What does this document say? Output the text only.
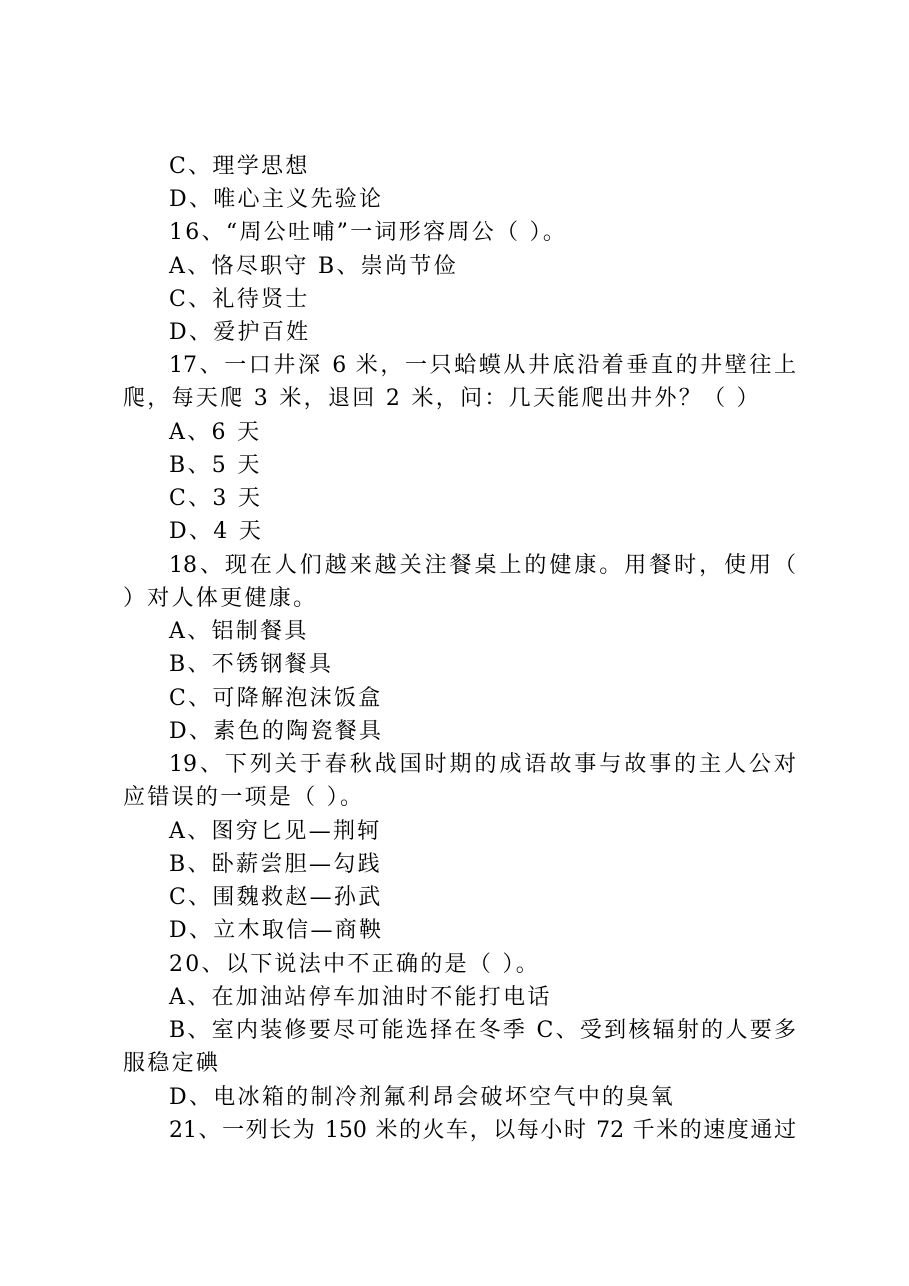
C、理学思想
D、唯心主义先验论
16、“周公吐哺”一词形容周公（ ）。
A、恪尽职守 B、崇尚节俭
C、礼待贤士
D、爱护百姓
17、一口井深 6 米，一只蛤蟆从井底沿着垂直的井壁往上
爬，每天爬 3 米，退回 2 米，问：几天能爬出井外？（ ）
A、6 天
B、5 天
C、3 天
D、4 天
18、现在人们越来越关注餐桌上的健康。用餐时，使用（
）对人体更健康。
A、铝制餐具
B、不锈钢餐具
C、可降解泡沫饭盒
D、素色的陶瓷餐具
19、下列关于春秋战国时期的成语故事与故事的主人公对
应错误的一项是（ ）。
A、图穷匕见—荆轲
B、卧薪尝胆—勾践
C、围魏救赵—孙武
D、立木取信—商鞅
20、以下说法中不正确的是（ ）。
A、在加油站停车加油时不能打电话
B、室内装修要尽可能选择在冬季 C、受到核辐射的人要多
服稳定碘
D、电冰箱的制冷剂氟利昂会破坏空气中的臭氧
21、一列长为 150 米的火车，以每小时 72 千米的速度通过
